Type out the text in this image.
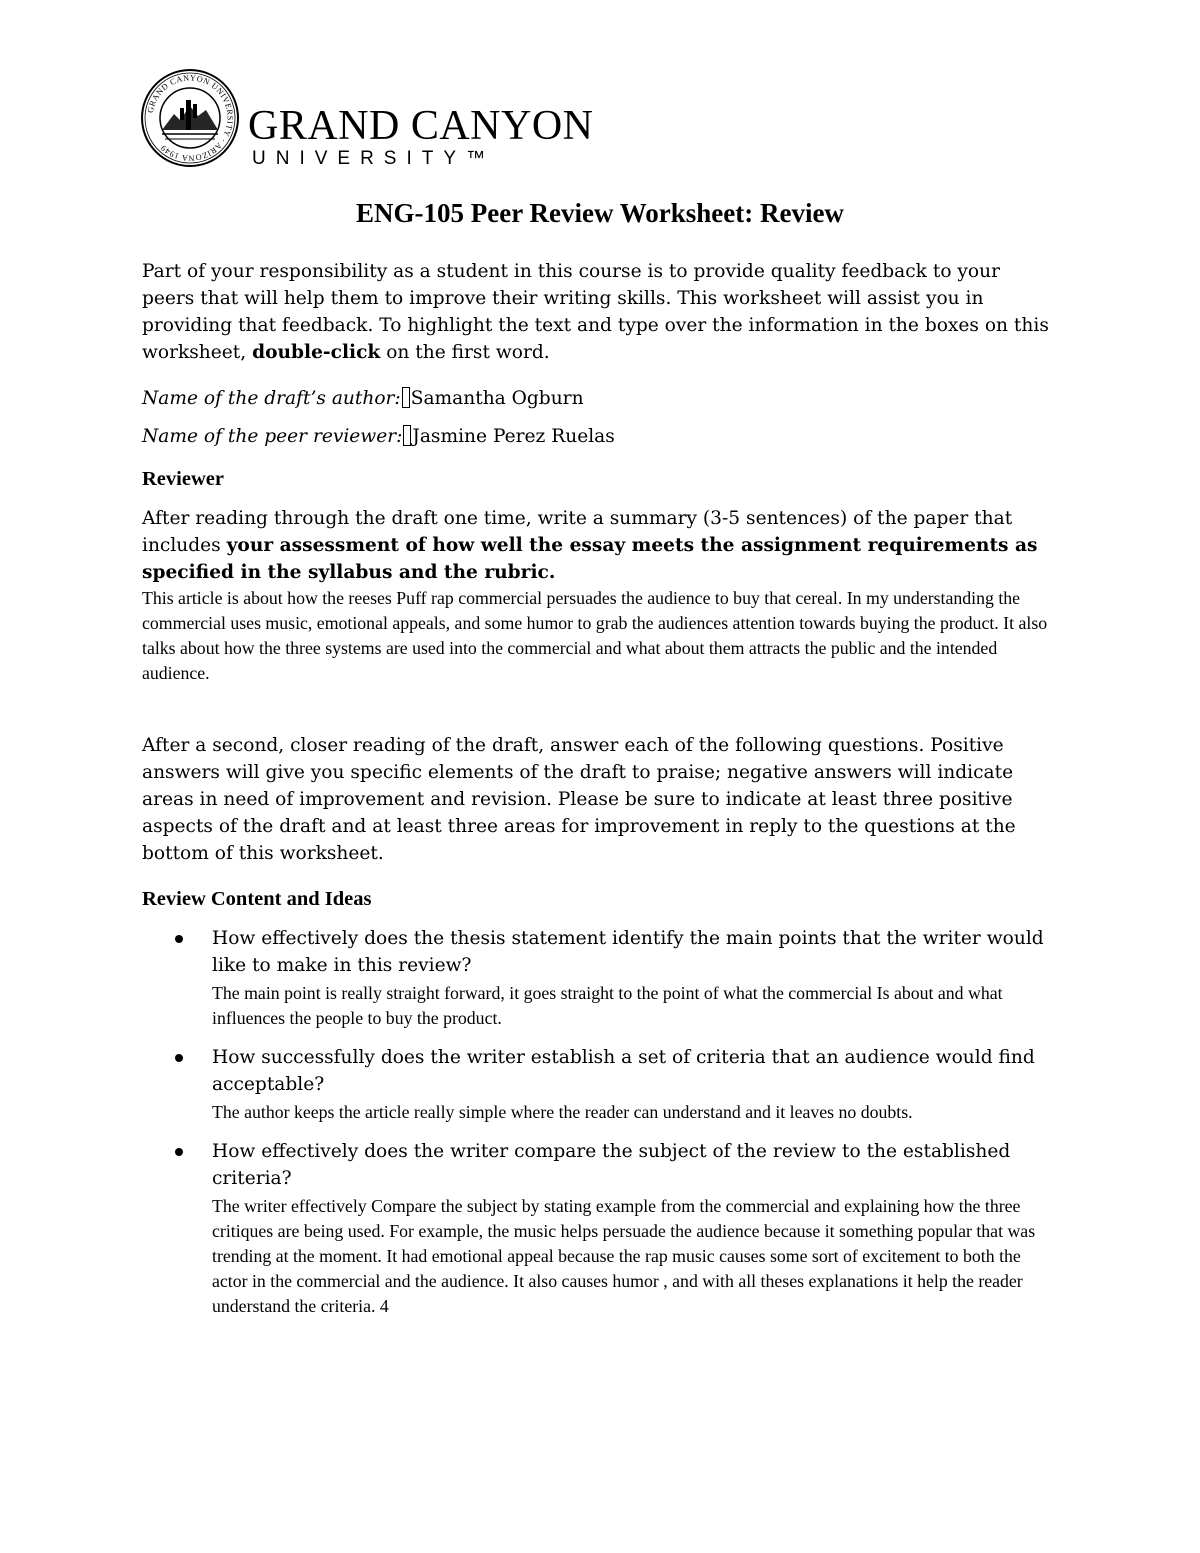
GRAND CANYON UNIVERSITY · ARIZONA 1949	GRAND CANYON
UNIVERSITY™
ENG-105 Peer Review Worksheet: Review

Part of your responsibility as a student in this course is to provide quality feedback to your peers that will help them to improve their writing skills. This worksheet will assist you in providing that feedback. To highlight the text and type over the information in the boxes on this worksheet, double-click on the first word.

Name of the draft’s author: Samantha Ogburn
Name of the peer reviewer: Jasmine Perez Ruelas
Reviewer

After reading through the draft one time, write a summary (3-5 sentences) of the paper that includes your assessment of how well the essay meets the assignment requirements as specified in the syllabus and the rubric.

This article is about how the reeses Puff rap commercial persuades the audience to buy that cereal. In my understanding the commercial uses music, emotional appeals, and some humor to grab the audiences attention towards buying the product. It also talks about how the three systems are used into the commercial and what about them attracts the public and the intended audience.

After a second, closer reading of the draft, answer each of the following questions. Positive answers will give you specific elements of the draft to praise; negative answers will indicate areas in need of improvement and revision. Please be sure to indicate at least three positive aspects of the draft and at least three areas for improvement in reply to the questions at the bottom of this worksheet.

Review Content and Ideas
How effectively does the thesis statement identify the main points that the writer would like to make in this review?
The main point is really straight forward, it goes straight to the point of what the commercial Is about and what influences the people to buy the product.
How successfully does the writer establish a set of criteria that an audience would find acceptable?
The author keeps the article really simple where the reader can understand and it leaves no doubts.
How effectively does the writer compare the subject of the review to the established criteria?
The writer effectively Compare the subject by stating example from the commercial and explaining how the three critiques are being used. For example, the music helps persuade the audience because it something popular that was trending at the moment. It had emotional appeal because the rap music causes some sort of excitement to both the actor in the commercial and the audience. It also causes humor , and with all theses explanations it help the reader understand the criteria. 4
